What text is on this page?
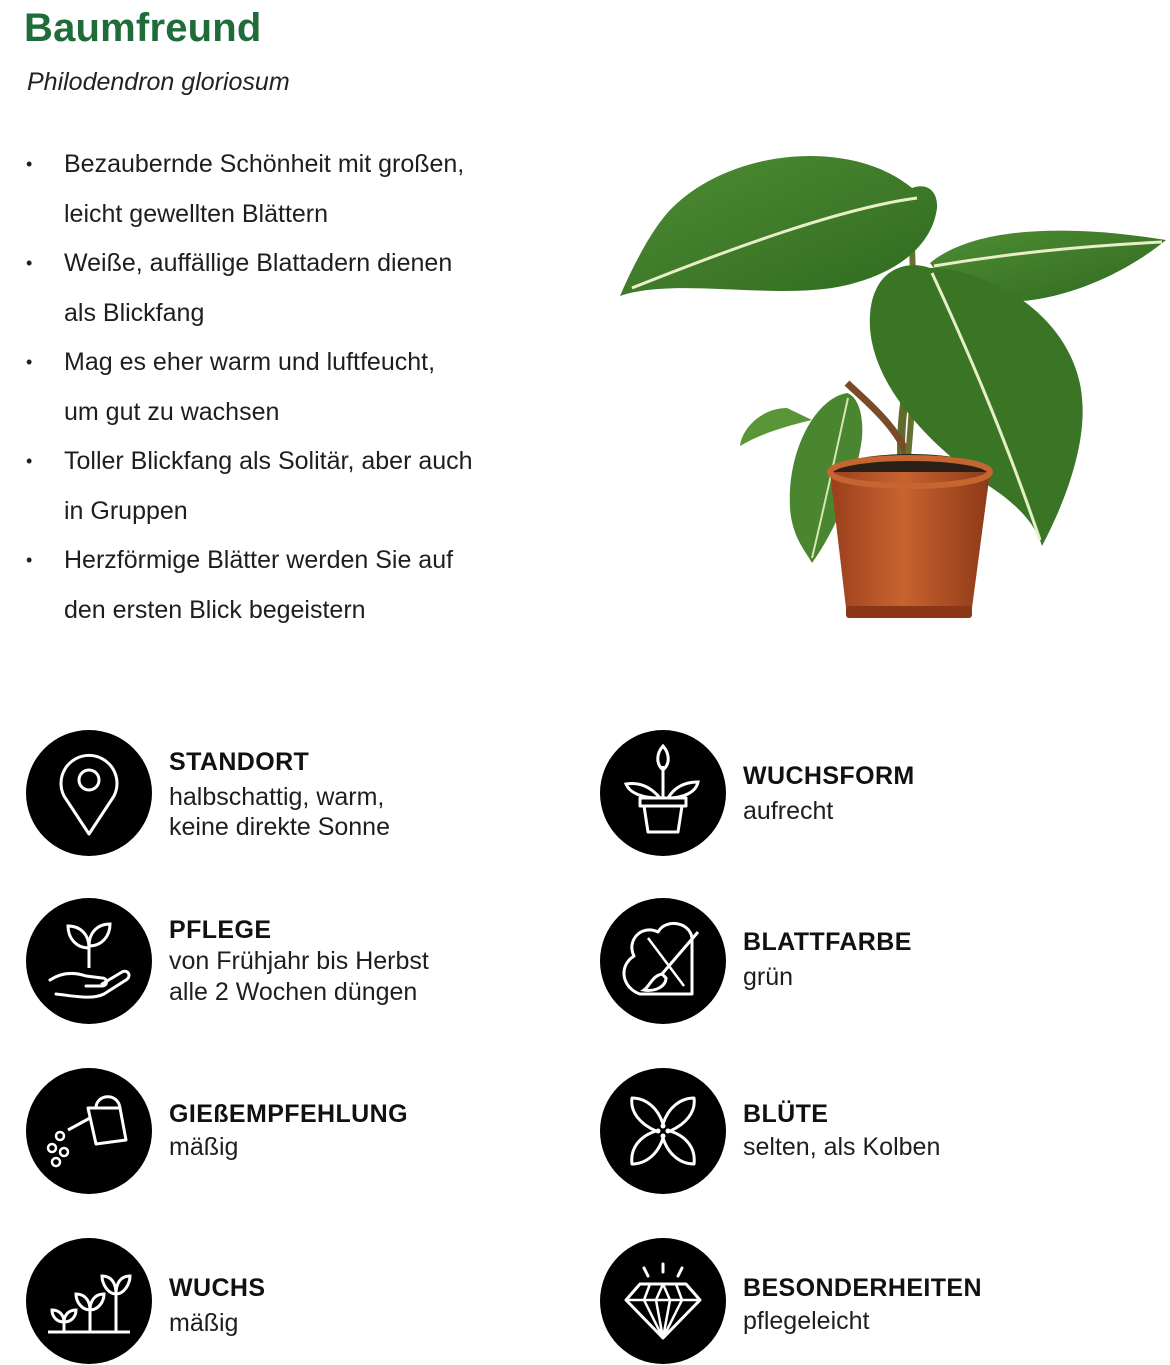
Baumfreund

Philodendron gloriosum

• Bezaubernde Schönheit mit großen,
leicht gewellten Blättern
• Weiße, auffällige Blattadern dienen
als Blickfang
• Mag es eher warm und luftfeucht,
um gut zu wachsen
• Toller Blickfang als Solitär, aber auch
in Gruppen
• Herzförmige Blätter werden Sie auf
den ersten Blick begeistern
STANDORT
halbschattig, warm,
keine direkte Sonne
PFLEGE
von Frühjahr bis Herbst
alle 2 Wochen düngen
GIEßEMPFEHLUNG
mäßig
WUCHS
mäßig
WUCHSFORM
aufrecht
BLATTFARBE
grün
BLÜTE
selten, als Kolben
BESONDERHEITEN
pflegeleicht
